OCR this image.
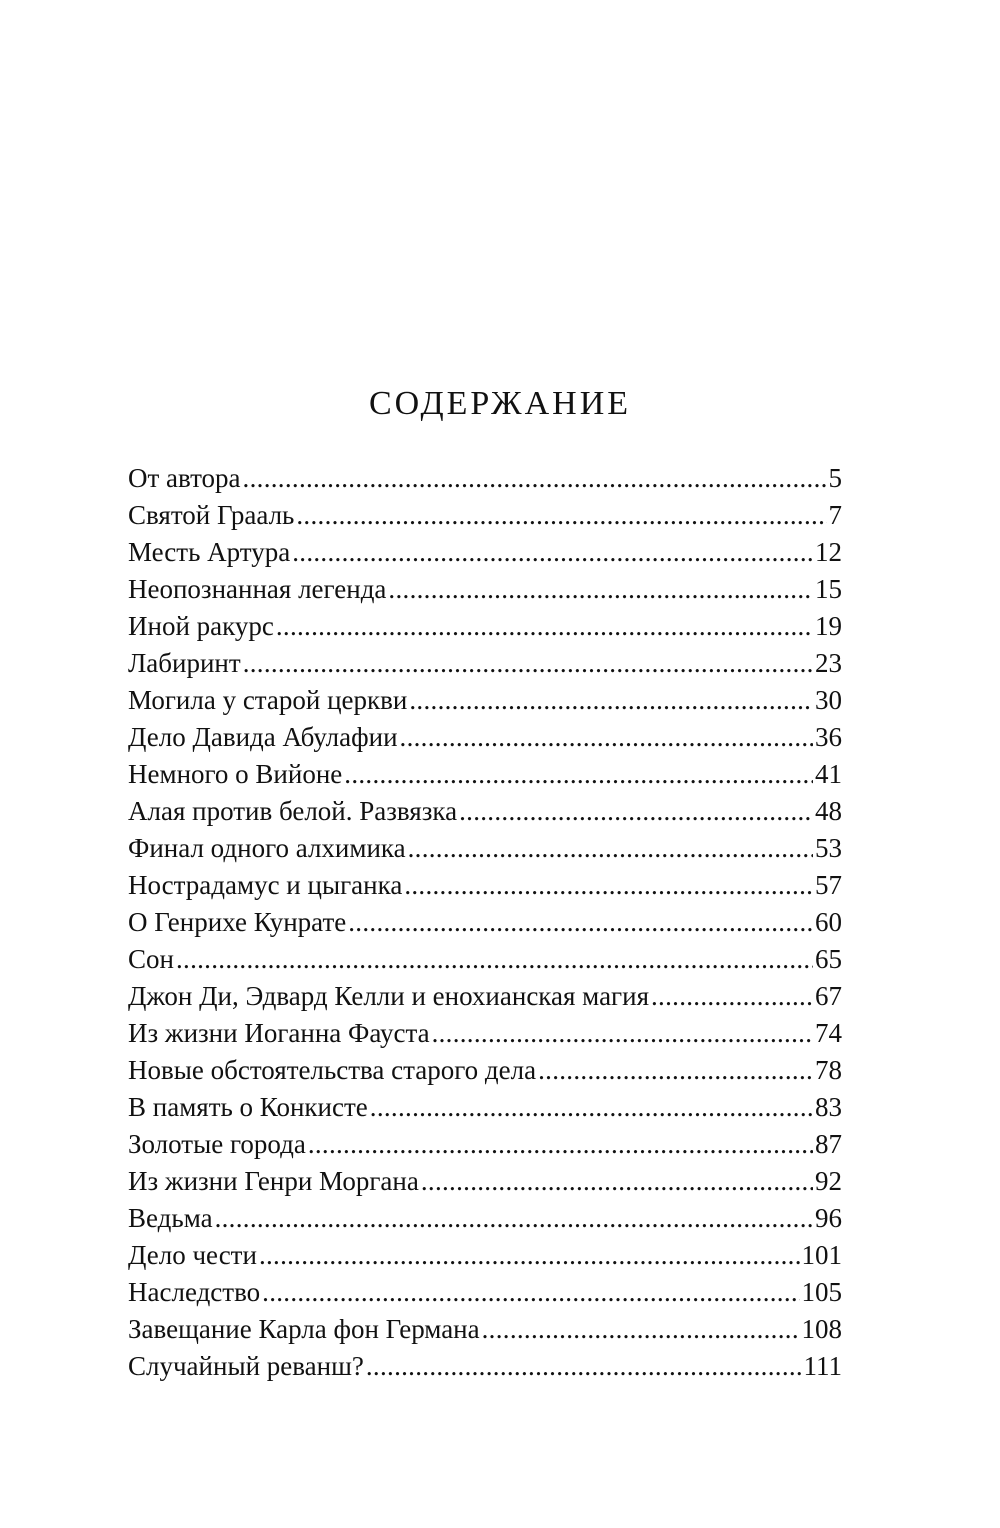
СОДЕРЖАНИЕ
От автора .....	5
Святой Грааль .....	7
Месть Артура .....	12
Неопознанная легенда .....	15
Иной ракурс .....	19
Лабиринт .....	23
Могила у старой церкви .....	30
Дело Давида Абулафии .....	36
Немного о Вийоне .....	41
Алая против белой. Развязка .....	48
Финал одного алхимика .....	53
Нострадамус и цыганка .....	57
О Генрихе Кунрате .....	60
Сон .....	65
Джон Ди, Эдвард Келли и енохианская магия .....	67
Из жизни Иоганна Фауста .....	74
Новые обстоятельства старого дела .....	78
В память о Конкисте .....	83
Золотые города .....	87
Из жизни Генри Моргана .....	92
Ведьма .....	96
Дело чести .....	101
Наследство .....	105
Завещание Карла фон Германа .....	108
Случайный реванш? .....	111
